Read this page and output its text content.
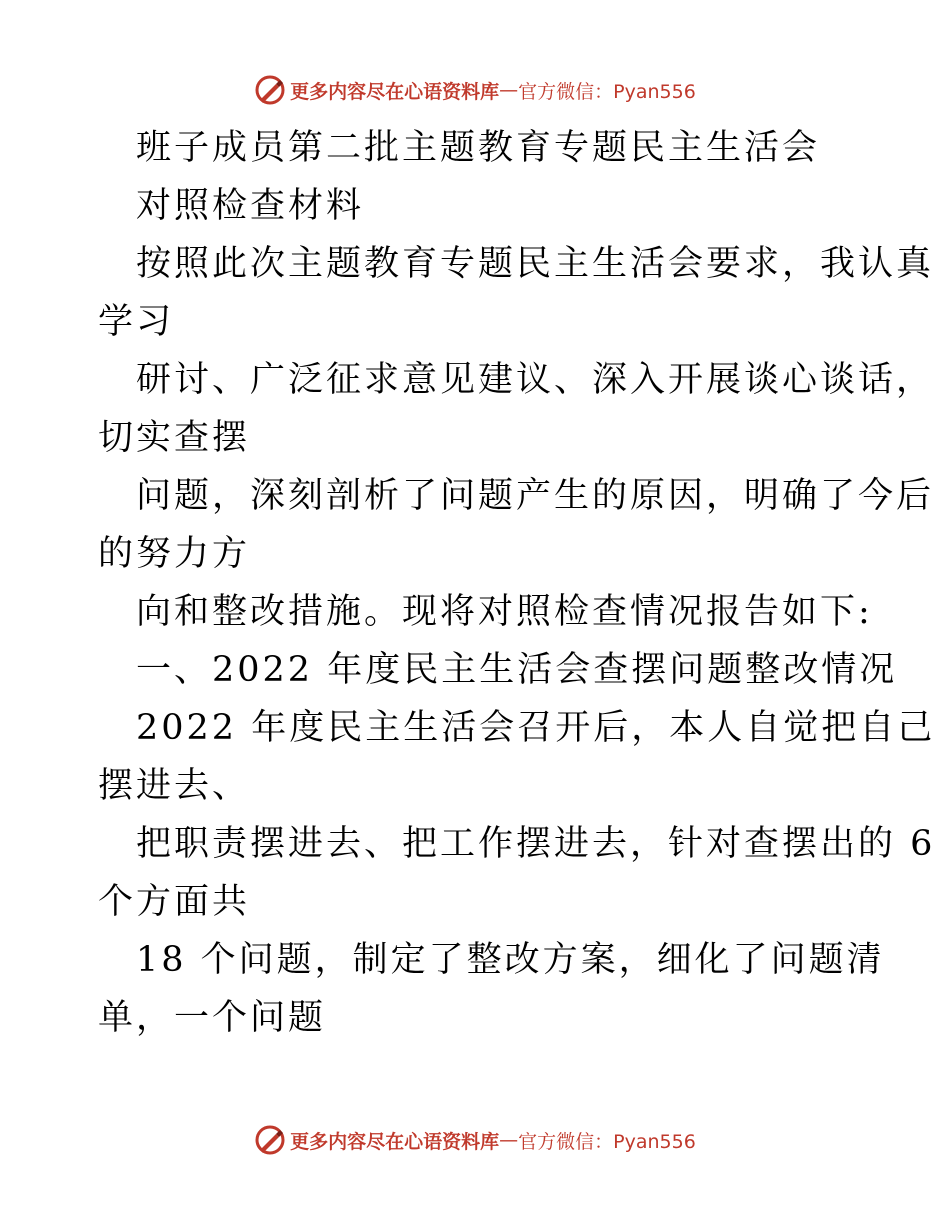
更多内容尽在心语资料库 — 官方微信：Pyan556
班子成员第二批主题教育专题民主生活会
对照检查材料
按照此次主题教育专题民主生活会要求，我认真
学习
研讨、广泛征求意见建议、深入开展谈心谈话，
切实查摆
问题，深刻剖析了问题产生的原因，明确了今后
的努力方
向和整改措施。现将对照检查情况报告如下:
一、2022 年度民主生活会查摆问题整改情况
2022 年度民主生活会召开后，本人自觉把自己
摆进去、
把职责摆进去、把工作摆进去，针对查摆出的 6
个方面共
18 个问题，制定了整改方案，细化了问题清
单，一个问题
更多内容尽在心语资料库 — 官方微信：Pyan556
